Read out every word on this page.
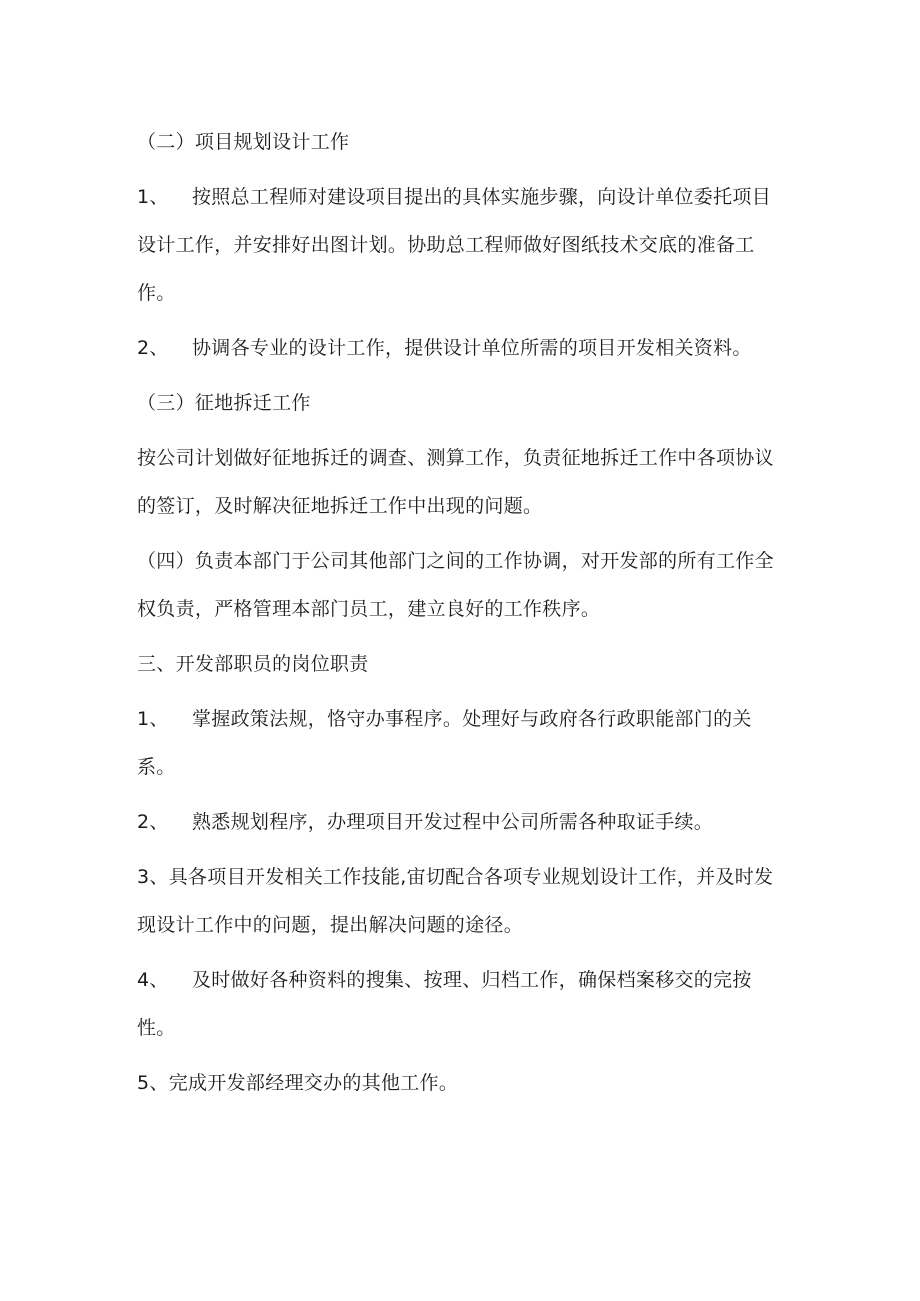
（二）项目规划设计工作

1、 按照总工程师对建设项目提出的具体实施步骤，向设计单位委托项目设计工作，并安排好出图计划。协助总工程师做好图纸技术交底的准备工作。

2、 协调各专业的设计工作，提供设计单位所需的项目开发相关资料。

（三）征地拆迁工作

按公司计划做好征地拆迁的调查、测算工作，负责征地拆迁工作中各项协议的签订，及时解决征地拆迁工作中出现的问题。

（四）负责本部门于公司其他部门之间的工作协调，对开发部的所有工作全权负责，严格管理本部门员工，建立良好的工作秩序。

三、开发部职员的岗位职责

1、 掌握政策法规，恪守办事程序。处理好与政府各行政职能部门的关系。

2、 熟悉规划程序，办理项目开发过程中公司所需各种取证手续。

3、具各项目开发相关工作技能,宙切配合各项专业规划设计工作，并及时发现设计工作中的问题，提出解决问题的途径。

4、 及时做好各种资料的搜集、按理、归档工作，确保档案移交的完按性。

5、完成开发部经理交办的其他工作。
